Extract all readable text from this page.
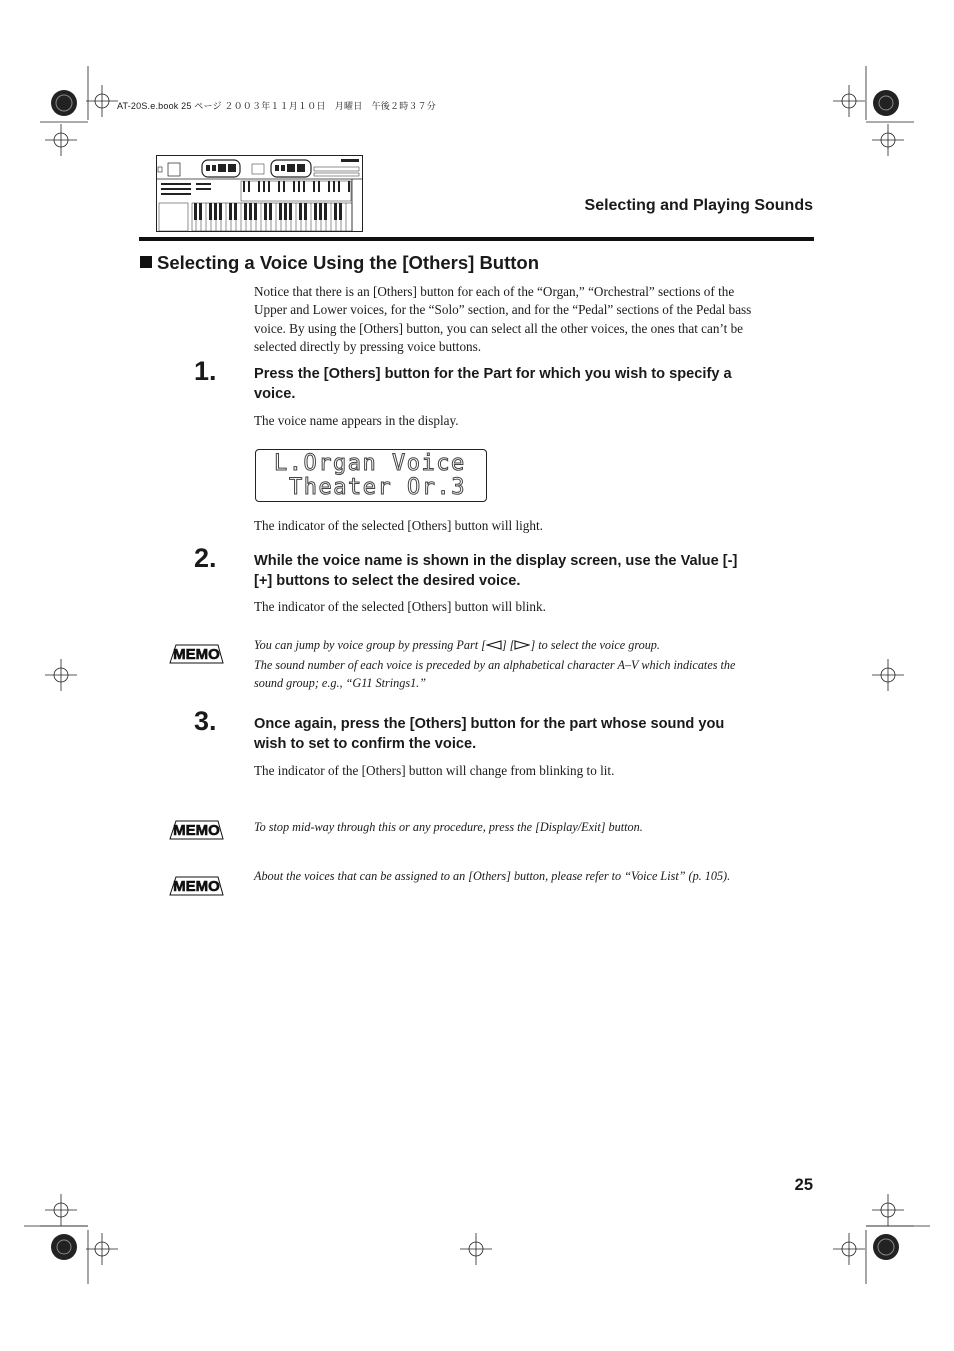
AT-20S.e.book 25 ページ ２００３年１１月１０日　月曜日　午後２時３７分
Selecting and Playing Sounds
Selecting a Voice Using the [Others] Button
Notice that there is an [Others] button for each of the “Organ,” “Orchestral” sections of the Upper and Lower voices, for the “Solo” section, and for the “Pedal” sections of the Pedal bass voice. By using the [Others] button, you can select all the other voices, the ones that can’t be selected directly by pressing voice buttons.
1.	Press the [Others] button for the Part for which you wish to specify a voice.
The voice name appears in the display.
L.Organ Voice
Theater Or.3
The indicator of the selected [Others] button will light.
2.	While the voice name is shown in the display screen, use the Value [-] [+] buttons to select the desired voice.
The indicator of the selected [Others] button will blink.
MEMO
You can jump by voice group by pressing Part [ ] [ ] to select the voice group.
The sound number of each voice is preceded by an alphabetical character A–V which indicates the sound group; e.g., “G11 Strings1.”
3.	Once again, press the [Others] button for the part whose sound you wish to set to confirm the voice.
The indicator of the [Others] button will change from blinking to lit.
MEMO	To stop mid-way through this or any procedure, press the [Display/Exit] button.
MEMO
About the voices that can be assigned to an [Others] button, please refer to “Voice List” (p. 105).
25
